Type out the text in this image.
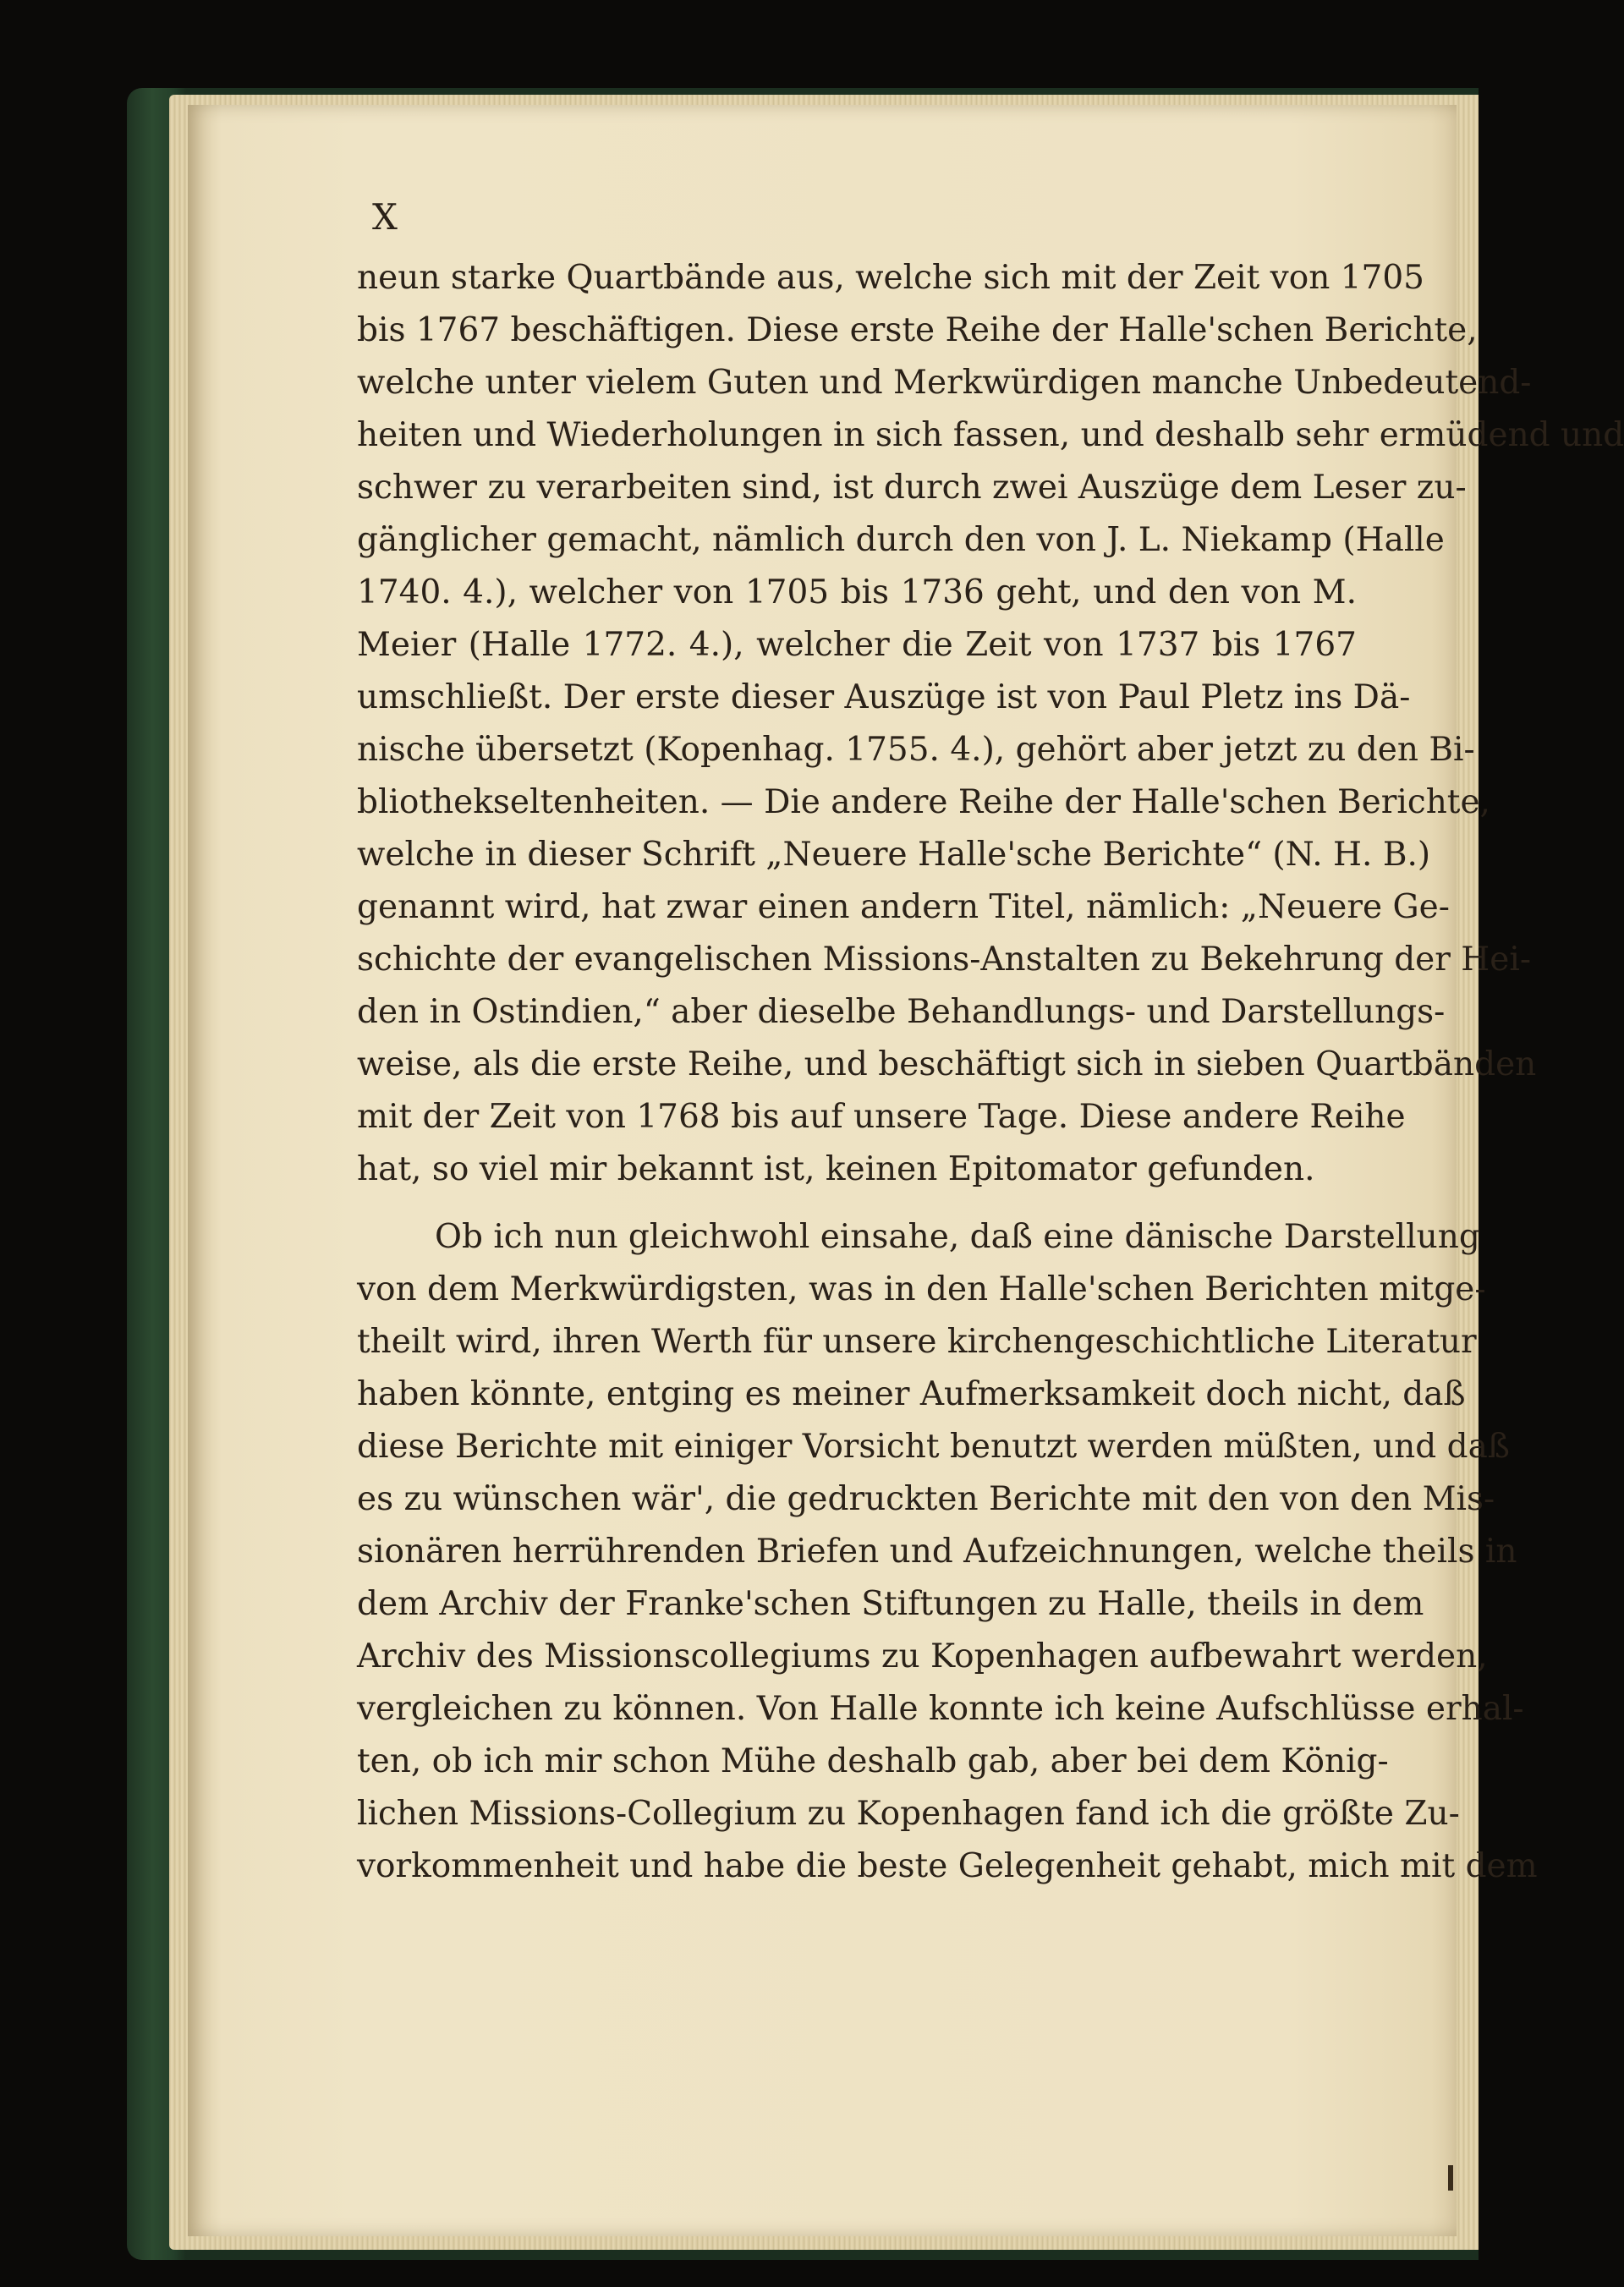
X
neun starke Quartbände aus, welche sich mit der Zeit von 1705
bis 1767 beschäftigen. Diese erste Reihe der Halle'schen Berichte,
welche unter vielem Guten und Merkwürdigen manche Unbedeutend-
heiten und Wiederholungen in sich fassen, und deshalb sehr ermüdend und
schwer zu verarbeiten sind, ist durch zwei Auszüge dem Leser zu-
gänglicher gemacht, nämlich durch den von J. L. Niekamp (Halle
1740. 4.), welcher von 1705 bis 1736 geht, und den von M.
Meier (Halle 1772. 4.), welcher die Zeit von 1737 bis 1767
umschließt. Der erste dieser Auszüge ist von Paul Pletz ins Dä-
nische übersetzt (Kopenhag. 1755. 4.), gehört aber jetzt zu den Bi-
bliothekseltenheiten. — Die andere Reihe der Halle'schen Berichte,
welche in dieser Schrift „Neuere Halle'sche Berichte“ (N. H. B.)
genannt wird, hat zwar einen andern Titel, nämlich: „Neuere Ge-
schichte der evangelischen Missions-Anstalten zu Bekehrung der Hei-
den in Ostindien,“ aber dieselbe Behandlungs- und Darstellungs-
weise, als die erste Reihe, und beschäftigt sich in sieben Quartbänden
mit der Zeit von 1768 bis auf unsere Tage. Diese andere Reihe
hat, so viel mir bekannt ist, keinen Epitomator gefunden.
Ob ich nun gleichwohl einsahe, daß eine dänische Darstellung
von dem Merkwürdigsten, was in den Halle'schen Berichten mitge-
theilt wird, ihren Werth für unsere kirchengeschichtliche Literatur
haben könnte, entging es meiner Aufmerksamkeit doch nicht, daß
diese Berichte mit einiger Vorsicht benutzt werden müßten, und daß
es zu wünschen wär', die gedruckten Berichte mit den von den Mis-
sionären herrührenden Briefen und Aufzeichnungen, welche theils in
dem Archiv der Franke'schen Stiftungen zu Halle, theils in dem
Archiv des Missionscollegiums zu Kopenhagen aufbewahrt werden,
vergleichen zu können. Von Halle konnte ich keine Aufschlüsse erhal-
ten, ob ich mir schon Mühe deshalb gab, aber bei dem König-
lichen Missions-Collegium zu Kopenhagen fand ich die größte Zu-
vorkommenheit und habe die beste Gelegenheit gehabt, mich mit dem
